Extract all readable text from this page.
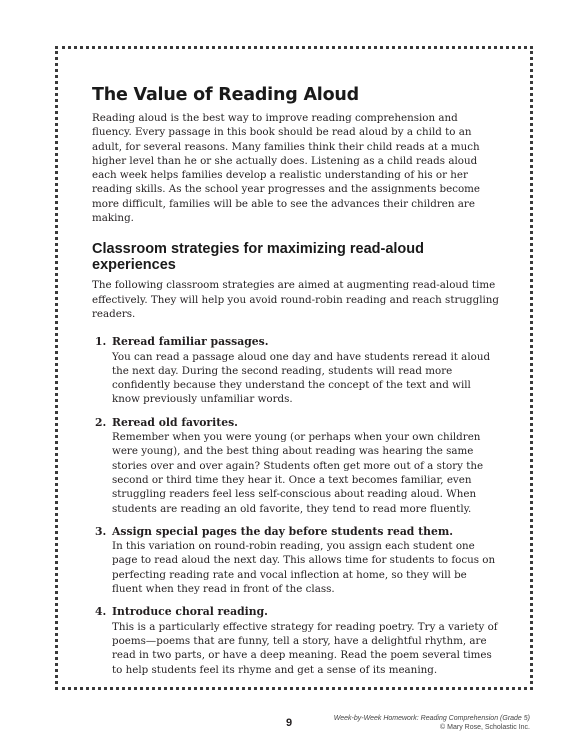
The Value of Reading Aloud

Reading aloud is the best way to improve reading comprehension and fluency. Every passage in this book should be read aloud by a child to an adult, for several reasons. Many families think their child reads at a much higher level than he or she actually does. Listening as a child reads aloud each week helps families develop a realistic understanding of his or her reading skills. As the school year progresses and the assignments become more difficult, families will be able to see the advances their children are making.

Classroom strategies for maximizing read-aloud experiences

The following classroom strategies are aimed at augmenting read-aloud time effectively. They will help you avoid round-robin reading and reach struggling readers.

1. Reread familiar passages.

You can read a passage aloud one day and have students reread it aloud the next day. During the second reading, students will read more confidently because they understand the concept of the text and will know previously unfamiliar words.

2. Reread old favorites.

Remember when you were young (or perhaps when your own children were young), and the best thing about reading was hearing the same stories over and over again? Students often get more out of a story the second or third time they hear it. Once a text becomes familiar, even struggling readers feel less self-conscious about reading aloud. When students are reading an old favorite, they tend to read more fluently.

3. Assign special pages the day before students read them.

In this variation on round-robin reading, you assign each student one page to read aloud the next day. This allows time for students to focus on perfecting reading rate and vocal inflection at home, so they will be fluent when they read in front of the class.

4. Introduce choral reading.

This is a particularly effective strategy for reading poetry. Try a variety of poems—poems that are funny, tell a story, have a delightful rhythm, are read in two parts, or have a deep meaning. Read the poem several times to help students feel its rhyme and get a sense of its meaning.

9	Week-by-Week Homework: Reading Comprehension (Grade 5)
© Mary Rose, Scholastic Inc.
